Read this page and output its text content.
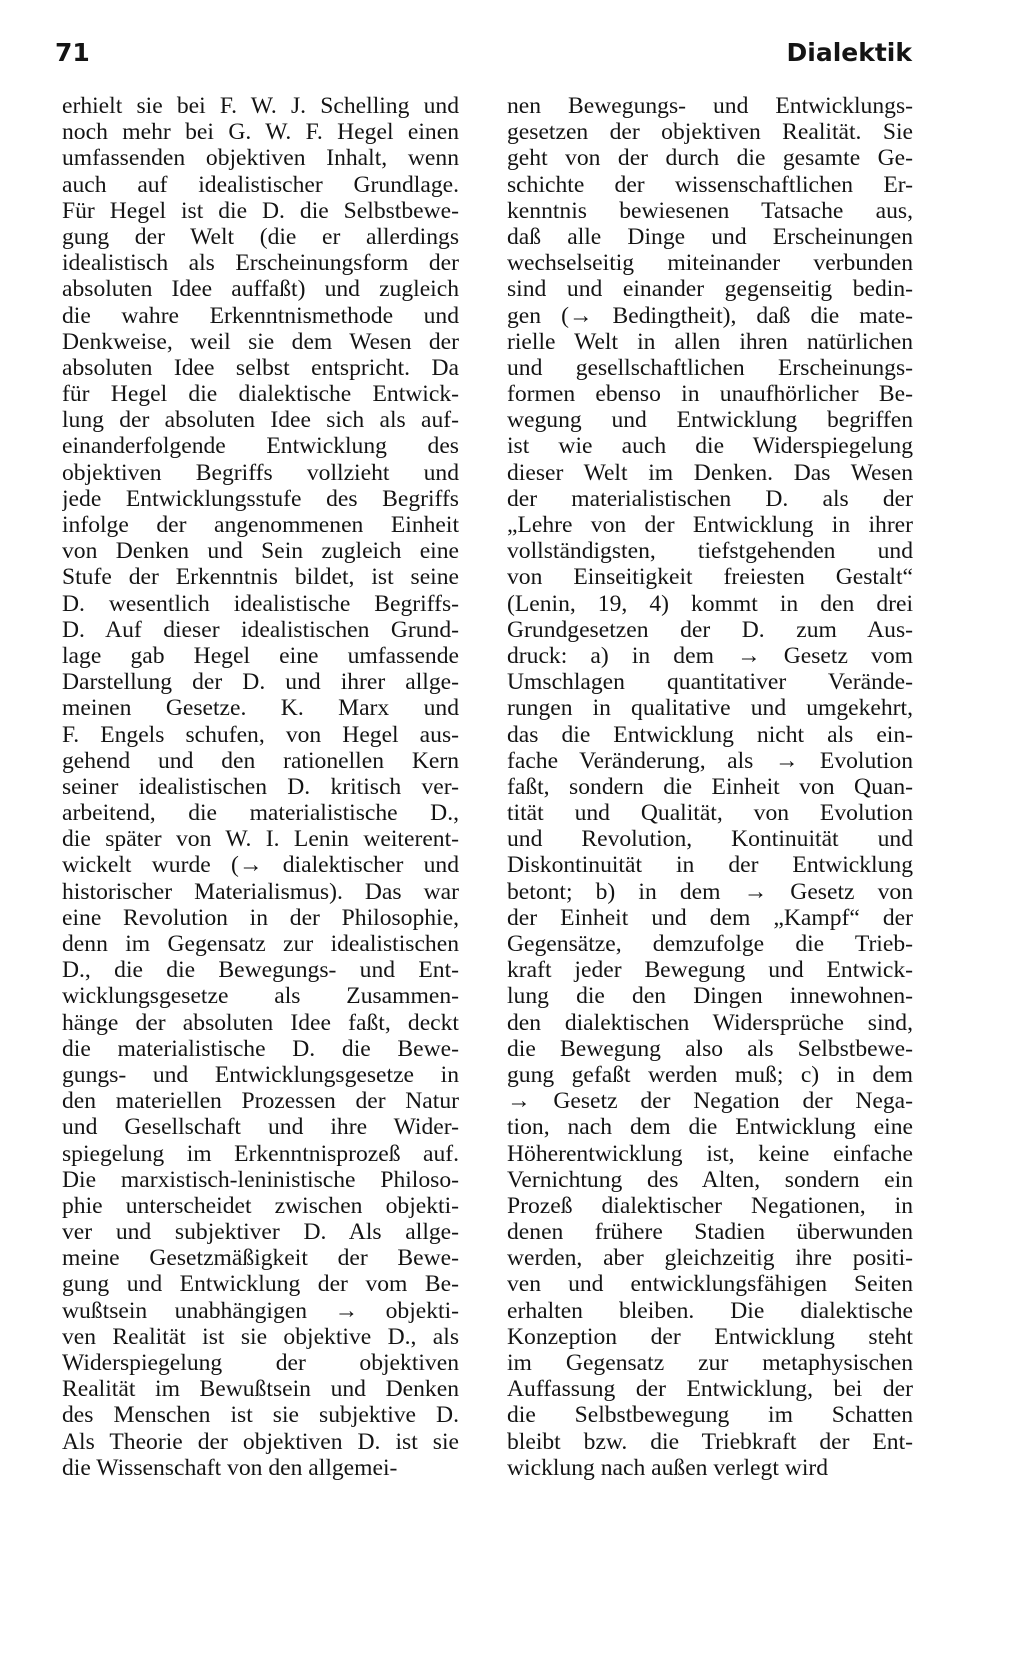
71	Dialektik
erhielt sie bei F. W. J. Schelling und
noch mehr bei G. W. F. Hegel einen
umfassenden objektiven Inhalt, wenn
auch auf idealistischer Grundlage.
Für Hegel ist die D. die Selbstbewe-
gung der Welt (die er allerdings
idealistisch als Erscheinungsform der
absoluten Idee auffaßt) und zugleich
die wahre Erkenntnismethode und
Denkweise, weil sie dem Wesen der
absoluten Idee selbst entspricht. Da
für Hegel die dialektische Entwick-
lung der absoluten Idee sich als auf-
einanderfolgende Entwicklung des
objektiven Begriffs vollzieht und
jede Entwicklungsstufe des Begriffs
infolge der angenommenen Einheit
von Denken und Sein zugleich eine
Stufe der Erkenntnis bildet, ist seine
D. wesentlich idealistische Begriffs-
D. Auf dieser idealistischen Grund-
lage gab Hegel eine umfassende
Darstellung der D. und ihrer allge-
meinen Gesetze. K. Marx und
F. Engels schufen, von Hegel aus-
gehend und den rationellen Kern
seiner idealistischen D. kritisch ver-
arbeitend, die materialistische D.,
die später von W. I. Lenin weiterent-
wickelt wurde (→ dialektischer und
historischer Materialismus). Das war
eine Revolution in der Philosophie,
denn im Gegensatz zur idealistischen
D., die die Bewegungs- und Ent-
wicklungsgesetze als Zusammen-
hänge der absoluten Idee faßt, deckt
die materialistische D. die Bewe-
gungs- und Entwicklungsgesetze in
den materiellen Prozessen der Natur
und Gesellschaft und ihre Wider-
spiegelung im Erkenntnisprozeß auf.
Die marxistisch-leninistische Philoso-
phie unterscheidet zwischen objekti-
ver und subjektiver D. Als allge-
meine Gesetzmäßigkeit der Bewe-
gung und Entwicklung der vom Be-
wußtsein unabhängigen → objekti-
ven Realität ist sie objektive D., als
Widerspiegelung der objektiven
Realität im Bewußtsein und Denken
des Menschen ist sie subjektive D.
Als Theorie der objektiven D. ist sie
die Wissenschaft von den allgemei-
nen Bewegungs- und Entwicklungs-
gesetzen der objektiven Realität. Sie
geht von der durch die gesamte Ge-
schichte der wissenschaftlichen Er-
kenntnis bewiesenen Tatsache aus,
daß alle Dinge und Erscheinungen
wechselseitig miteinander verbunden
sind und einander gegenseitig bedin-
gen (→ Bedingtheit), daß die mate-
rielle Welt in allen ihren natürlichen
und gesellschaftlichen Erscheinungs-
formen ebenso in unaufhörlicher Be-
wegung und Entwicklung begriffen
ist wie auch die Widerspiegelung
dieser Welt im Denken. Das Wesen
der materialistischen D. als der
„Lehre von der Entwicklung in ihrer
vollständigsten, tiefstgehenden und
von Einseitigkeit freiesten Gestalt“
(Lenin, 19, 4) kommt in den drei
Grundgesetzen der D. zum Aus-
druck: a) in dem → Gesetz vom
Umschlagen quantitativer Verände-
rungen in qualitative und umgekehrt,
das die Entwicklung nicht als ein-
fache Veränderung, als → Evolution
faßt, sondern die Einheit von Quan-
tität und Qualität, von Evolution
und Revolution, Kontinuität und
Diskontinuität in der Entwicklung
betont; b) in dem → Gesetz von
der Einheit und dem „Kampf“ der
Gegensätze, demzufolge die Trieb-
kraft jeder Bewegung und Entwick-
lung die den Dingen innewohnen-
den dialektischen Widersprüche sind,
die Bewegung also als Selbstbewe-
gung gefaßt werden muß; c) in dem
→ Gesetz der Negation der Nega-
tion, nach dem die Entwicklung eine
Höherentwicklung ist, keine einfache
Vernichtung des Alten, sondern ein
Prozeß dialektischer Negationen, in
denen frühere Stadien überwunden
werden, aber gleichzeitig ihre positi-
ven und entwicklungsfähigen Seiten
erhalten bleiben. Die dialektische
Konzeption der Entwicklung steht
im Gegensatz zur metaphysischen
Auffassung der Entwicklung, bei der
die Selbstbewegung im Schatten
bleibt bzw. die Triebkraft der Ent-
wicklung nach außen verlegt wird
